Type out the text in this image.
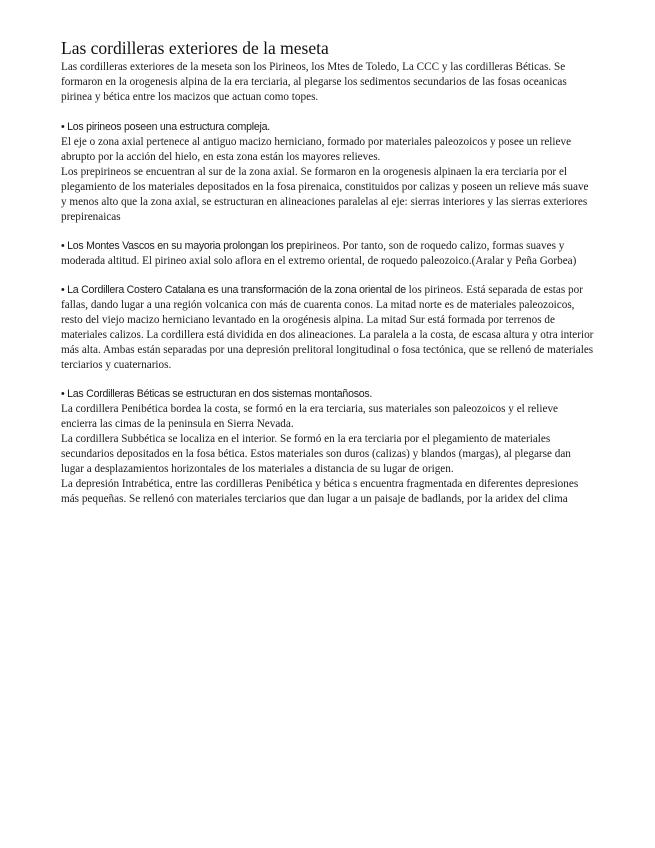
Las cordilleras exteriores de la meseta

Las cordilleras exteriores de la meseta son los Pirineos, los Mtes de Toledo, La CCC y las cordilleras Béticas. Se formaron en la orogenesis alpina de la era terciaria, al plegarse los sedimentos secundarios de las fosas oceanicas pirinea y bética entre los macizos que actuan como topes.

• Los pirineos poseen una estructura compleja.

El eje o zona axial pertenece al antiguo macizo herniciano, formado por materiales paleozoicos y posee un relieve abrupto por la acción del hielo, en esta zona están los mayores relieves.

Los prepirineos se encuentran al sur de la zona axial. Se formaron en la orogenesis alpinaen la era terciaria por el plegamiento de los materiales depositados en la fosa pirenaica, constituidos por calizas y poseen un relieve más suave y menos alto que la zona axial, se estructuran en alineaciones paralelas al eje: sierras interiores y las sierras exteriores prepirenaicas

• Los Montes Vascos en su mayoria prolongan los prepirineos. Por tanto, son de roquedo calizo, formas suaves y moderada altitud. El pirineo axial solo aflora en el extremo oriental, de roquedo paleozoico.(Aralar y Peña Gorbea)

• La Cordillera Costero Catalana es una transformación de la zona oriental de los pirineos. Está separada de estas por fallas, dando lugar a una región volcanica con más de cuarenta conos. La mitad norte es de materiales paleozoicos, resto del viejo macizo herniciano levantado en la orogénesis alpina. La mitad Sur está formada por terrenos de materiales calizos. La cordillera está dividida en dos alineaciones. La paralela a la costa, de escasa altura y otra interior más alta. Ambas están separadas por una depresión prelitoral longitudinal o fosa tectónica, que se rellenó de materiales terciarios y cuaternarios.

• Las Cordilleras Béticas se estructuran en dos sistemas montañosos.

La cordillera Penibética bordea la costa, se formó en la era terciaria, sus materiales son paleozoicos y el relieve encierra las cimas de la peninsula en Sierra Nevada.

La cordillera Subbética se localiza en el interior. Se formó en la era terciaria por el plegamiento de materiales secundarios depositados en la fosa bética. Estos materiales son duros (calizas) y blandos (margas), al plegarse dan lugar a desplazamientos horizontales de los materiales a distancia de su lugar de origen.

La depresión Intrabética, entre las cordilleras Penibética y bética s encuentra fragmentada en diferentes depresiones más pequeñas. Se rellenó con materiales terciarios que dan lugar a un paisaje de badlands, por la aridex del clima
